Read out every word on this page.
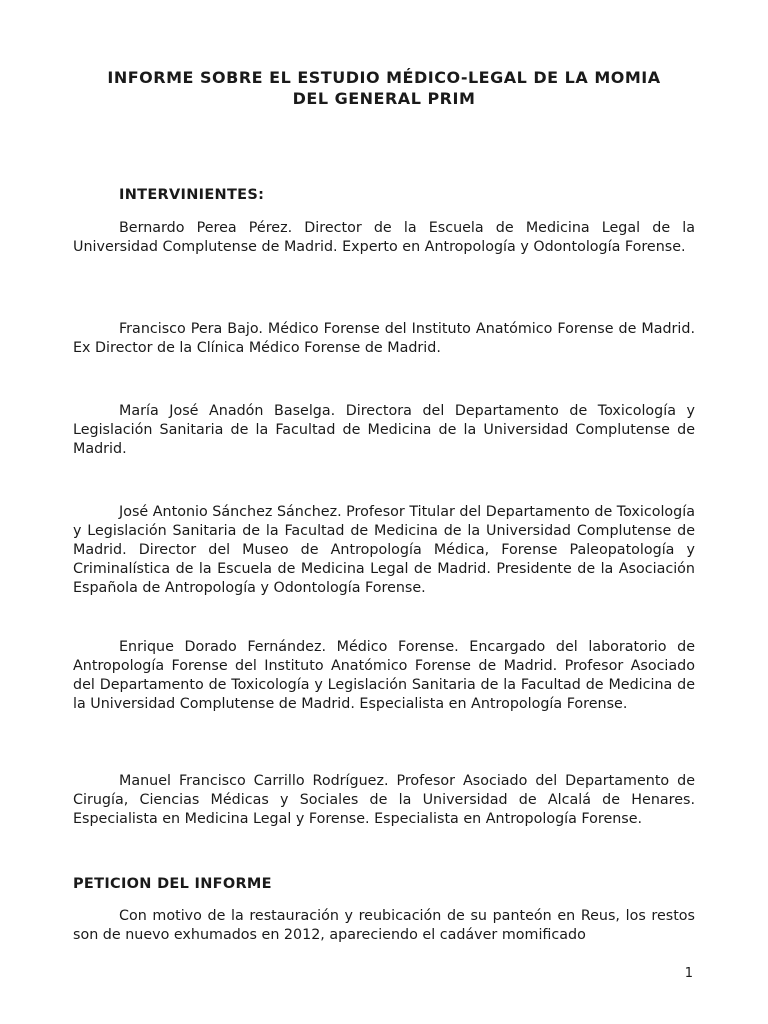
INFORME SOBRE EL ESTUDIO MÉDICO-LEGAL DE LA MOMIA
DEL GENERAL PRIM
INTERVINIENTES:

Bernardo Perea Pérez. Director de la Escuela de Medicina Legal de la Universidad Complutense de Madrid. Experto en Antropología y Odontología Forense.

Francisco Pera Bajo. Médico Forense del Instituto Anatómico Forense de Madrid. Ex Director de la Clínica Médico Forense de Madrid.

María José Anadón Baselga. Directora del Departamento de Toxicología y Legislación Sanitaria de la Facultad de Medicina de la Universidad Complutense de Madrid.

José Antonio Sánchez Sánchez. Profesor Titular del Departamento de Toxicología y Legislación Sanitaria de la Facultad de Medicina de la Universidad Complutense de Madrid. Director del Museo de Antropología Médica, Forense Paleopatología y Criminalística de la Escuela de Medicina Legal de Madrid. Presidente de la Asociación Española de Antropología y Odontología Forense.

Enrique Dorado Fernández. Médico Forense. Encargado del laboratorio de Antropología Forense del Instituto Anatómico Forense de Madrid. Profesor Asociado del Departamento de Toxicología y Legislación Sanitaria de la Facultad de Medicina de la Universidad Complutense de Madrid. Especialista en Antropología Forense.

Manuel Francisco Carrillo Rodríguez. Profesor Asociado del Departamento de Cirugía, Ciencias Médicas y Sociales de la Universidad de Alcalá de Henares. Especialista en Medicina Legal y Forense. Especialista en Antropología Forense.

PETICION DEL INFORME

Con motivo de la restauración y reubicación de su panteón en Reus, los restos son de nuevo exhumados en 2012, apareciendo el cadáver momificado

1
